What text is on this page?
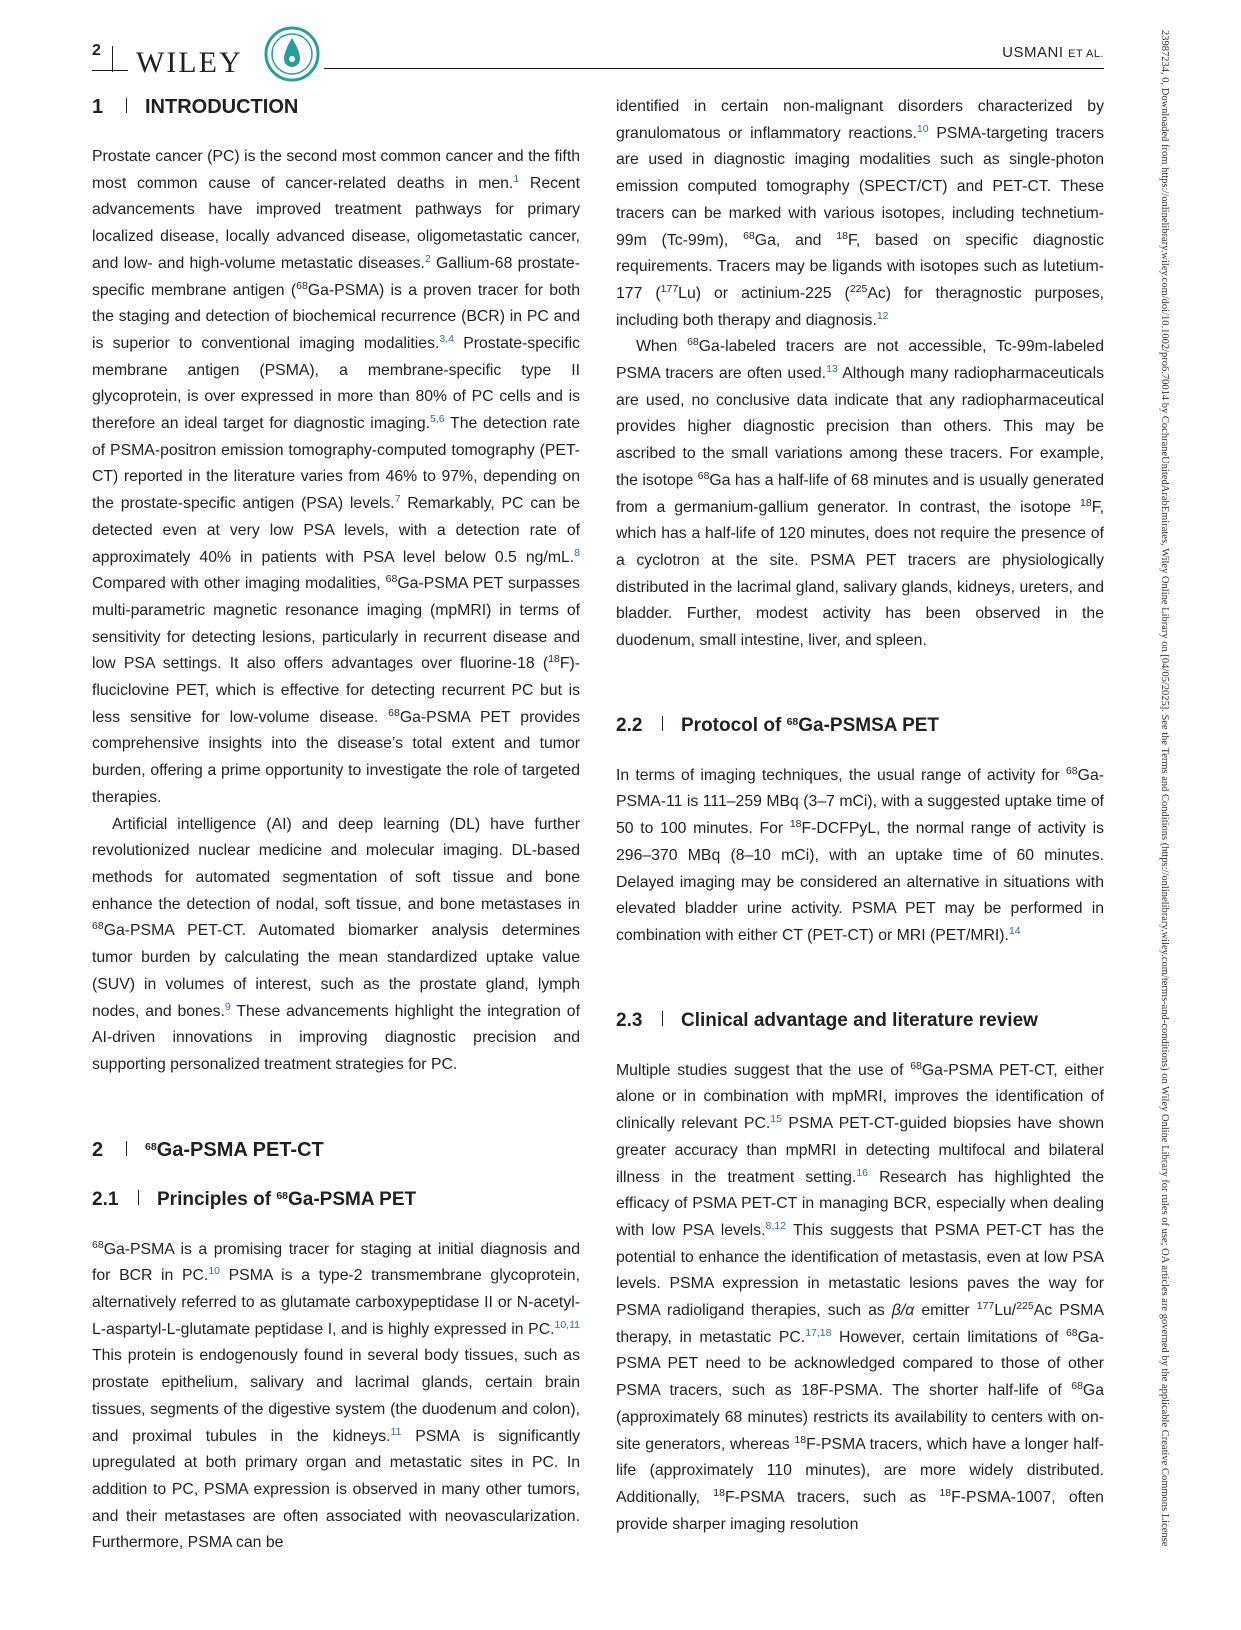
2 WILEY	USMANI ET AL.
1 INTRODUCTION

Prostate cancer (PC) is the second most common cancer and the fifth most common cause of cancer-related deaths in men.$^1$ Recent advancements have improved treatment pathways for primary localized disease, locally advanced disease, oligometastatic cancer, and low- and high-volume metastatic diseases.$^2$ Gallium-68 prostate-specific membrane antigen ($^{68}$Ga-PSMA) is a proven tracer for both the staging and detection of biochemical recurrence (BCR) in PC and is superior to conventional imaging modalities.$^{3,4}$ Prostate-specific membrane antigen (PSMA), a membrane-specific type II glycoprotein, is over expressed in more than 80% of PC cells and is therefore an ideal target for diagnostic imaging.$^{5,6}$ The detection rate of PSMA-positron emission tomography-computed tomography (PET-CT) reported in the literature varies from 46% to 97%, depending on the prostate-specific antigen (PSA) levels.$^7$ Remarkably, PC can be detected even at very low PSA levels, with a detection rate of approximately 40% in patients with PSA level below 0.5 ng/mL.$^8$ Compared with other imaging modalities, $^{68}$Ga-PSMA PET surpasses multi-parametric magnetic resonance imaging (mpMRI) in terms of sensitivity for detecting lesions, particularly in recurrent disease and low PSA settings. It also offers advantages over fluorine-18 ($^{18}$F)-fluciclovine PET, which is effective for detecting recurrent PC but is less sensitive for low-volume disease. $^{68}$Ga-PSMA PET provides comprehensive insights into the disease’s total extent and tumor burden, offering a prime opportunity to investigate the role of targeted therapies.

Artificial intelligence (AI) and deep learning (DL) have further revolutionized nuclear medicine and molecular imaging. DL-based methods for automated segmentation of soft tissue and bone enhance the detection of nodal, soft tissue, and bone metastases in $^{68}$Ga-PSMA PET-CT. Automated biomarker analysis determines tumor burden by calculating the mean standardized uptake value (SUV) in volumes of interest, such as the prostate gland, lymph nodes, and bones.$^9$ These advancements highlight the integration of AI-driven innovations in improving diagnostic precision and supporting personalized treatment strategies for PC.

2	$^{68}$Ga-PSMA PET-CT
2.1 Principles of $^{68}$Ga-PSMA PET

$^{68}$Ga-PSMA is a promising tracer for staging at initial diagnosis and for BCR in PC.$^{10}$ PSMA is a type-2 transmembrane glycoprotein, alternatively referred to as glutamate carboxypeptidase II or N-acetyl-L-aspartyl-L-glutamate peptidase I, and is highly expressed in PC.$^{10,11}$ This protein is endogenously found in several body tissues, such as prostate epithelium, salivary and lacrimal glands, certain brain tissues, segments of the digestive system (the duodenum and colon), and proximal tubules in the kidneys.$^{11}$ PSMA is significantly upregulated at both primary organ and metastatic sites in PC. In addition to PC, PSMA expression is observed in many other tumors, and their metastases are often associated with neovascularization. Furthermore, PSMA can be

identified in certain non-malignant disorders characterized by granulomatous or inflammatory reactions.$^{10}$ PSMA-targeting tracers are used in diagnostic imaging modalities such as single-photon emission computed tomography (SPECT/CT) and PET-CT. These tracers can be marked with various isotopes, including technetium-99m (Tc-99m), $^{68}$Ga, and $^{18}$F, based on specific diagnostic requirements. Tracers may be ligands with isotopes such as lutetium-177 ($^{177}$Lu) or actinium-225 ($^{225}$Ac) for theragnostic purposes, including both therapy and diagnosis.$^{12}$

When $^{68}$Ga-labeled tracers are not accessible, Tc-99m-labeled PSMA tracers are often used.$^{13}$ Although many radiopharmaceuticals are used, no conclusive data indicate that any radiopharmaceutical provides higher diagnostic precision than others. This may be ascribed to the small variations among these tracers. For example, the isotope $^{68}$Ga has a half-life of 68 minutes and is usually generated from a germanium-gallium generator. In contrast, the isotope $^{18}$F, which has a half-life of 120 minutes, does not require the presence of a cyclotron at the site. PSMA PET tracers are physiologically distributed in the lacrimal gland, salivary glands, kidneys, ureters, and bladder. Further, modest activity has been observed in the duodenum, small intestine, liver, and spleen.

2.2 Protocol of $^{68}$Ga-PSMSA PET

In terms of imaging techniques, the usual range of activity for $^{68}$Ga-PSMA-11 is 111–259 MBq (3–7 mCi), with a suggested uptake time of 50 to 100 minutes. For $^{18}$F-DCFPyL, the normal range of activity is 296–370 MBq (8–10 mCi), with an uptake time of 60 minutes. Delayed imaging may be considered an alternative in situations with elevated bladder urine activity. PSMA PET may be performed in combination with either CT (PET-CT) or MRI (PET/MRI).$^{14}$

2.3 Clinical advantage and literature review

Multiple studies suggest that the use of $^{68}$Ga-PSMA PET-CT, either alone or in combination with mpMRI, improves the identification of clinically relevant PC.$^{15}$ PSMA PET-CT-guided biopsies have shown greater accuracy than mpMRI in detecting multifocal and bilateral illness in the treatment setting.$^{16}$ Research has highlighted the efficacy of PSMA PET-CT in managing BCR, especially when dealing with low PSA levels.$^{8,12}$ This suggests that PSMA PET-CT has the potential to enhance the identification of metastasis, even at low PSA levels. PSMA expression in metastatic lesions paves the way for PSMA radioligand therapies, such as β/α emitter $^{177}$Lu/$^{225}$Ac PSMA therapy, in metastatic PC.$^{17,18}$ However, certain limitations of $^{68}$Ga-PSMA PET need to be acknowledged compared to those of other PSMA tracers, such as 18F-PSMA. The shorter half-life of $^{68}$Ga (approximately 68 minutes) restricts its availability to centers with on-site generators, whereas $^{18}$F-PSMA tracers, which have a longer half-life (approximately 110 minutes), are more widely distributed. Additionally, $^{18}$F-PSMA tracers, such as $^{18}$F-PSMA-1007, often provide sharper imaging resolution	23987234, 0, Downloaded from https://onlinelibrary.wiley.com/doi/10.1002/pro6.70014 by CochraneUnitedArabEmirates, Wiley Online Library on [04/05/2025]. See the Terms and Conditions (https://onlinelibrary.wiley.com/terms-and-conditions) on Wiley Online Library for rules of use; OA articles are governed by the applicable Creative Commons License
